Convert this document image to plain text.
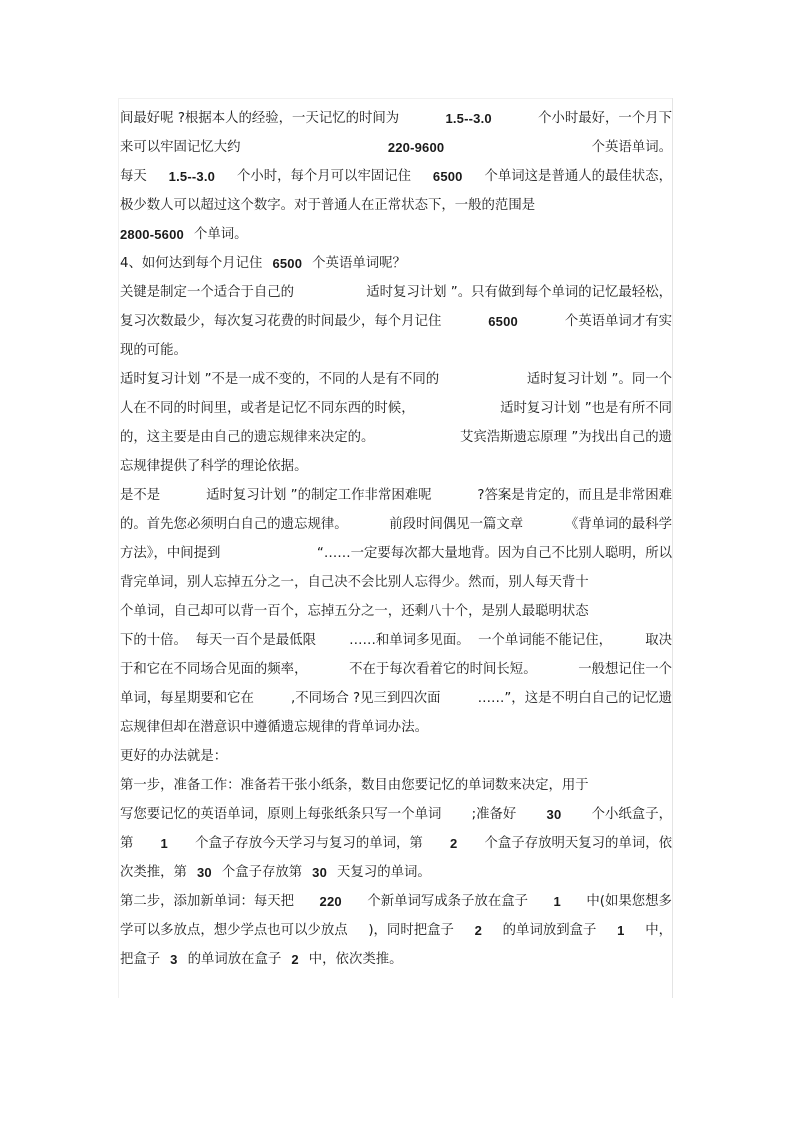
间最好呢 ?根据本人的经验，一天记忆的时间为	1.5--3.0	个小时最好，一个月下
来可以牢固记忆大约	220-9600	个英语单词。
每天 1.5--3.0 个小时，每个月可以牢固记住 6500 个单词这是普通人的最佳状态，
极少数人可以超过这个数字。对于普通人在正常状态下，一般的范围是
2800-5600 个单词。
4、如何达到每个月记住 6500 个英语单词呢？
关键是制定一个适合于自己的	适时复习计划 ”。只有做到每个单词的记忆最轻松，
复习次数最少，每次复习花费的时间最少，每个月记住	6500	个英语单词才有实
现的可能。
适时复习计划 ”不是一成不变的，不同的人是有不同的	适时复习计划 ”。同一个
人在不同的时间里，或者是记忆不同东西的时候，	适时复习计划 ”也是有所不同
的，这主要是由自己的遗忘规律来决定的。	艾宾浩斯遗忘原理 ”为找出自己的遗
忘规律提供了科学的理论依据。
是不是	适时复习计划 ”的制定工作非常困难呢	?答案是肯定的，而且是非常困难
的。首先您必须明白自己的遗忘规律。	前段时间偶见一篇文章	《背单词的最科学
方法》，中间提到	“……一定要每次都大量地背。因为自己不比别人聪明，所以
背完单词，别人忘掉五分之一，自己决不会比别人忘得少。然而，别人每天背十
个单词，自己却可以背一百个，忘掉五分之一，还剩八十个，是别人最聪明状态
下的十倍。  每天一百个是最低限 ……和单词多见面。  一个单词能不能记住， 取决
于和它在不同场合见面的频率，	不在于每次看着它的时间长短。	一般想记住一个
单词，每星期要和它在	,不同场合 ?见三到四次面	……”，这是不明白自己的记忆遗
忘规律但却在潜意识中遵循遗忘规律的背单词办法。
更好的办法就是：
第一步，准备工作：准备若干张小纸条，数目由您要记忆的单词数来决定，用于
写您要记忆的英语单词，原则上每张纸条只写一个单词 ;准备好 30 个小纸盒子，
第 1 个盒子存放今天学习与复习的单词，第 2 个盒子存放明天复习的单词，依
次类推，第 30 个盒子存放第 30 天复习的单词。
第二步，添加新单词：每天把 220 个新单词写成条子放在盒子 1 中(如果您想多
学可以多放点，想少学点也可以少放点 )，同时把盒子 2 的单词放到盒子 1 中，
把盒子 3 的单词放在盒子 2 中，依次类推。
